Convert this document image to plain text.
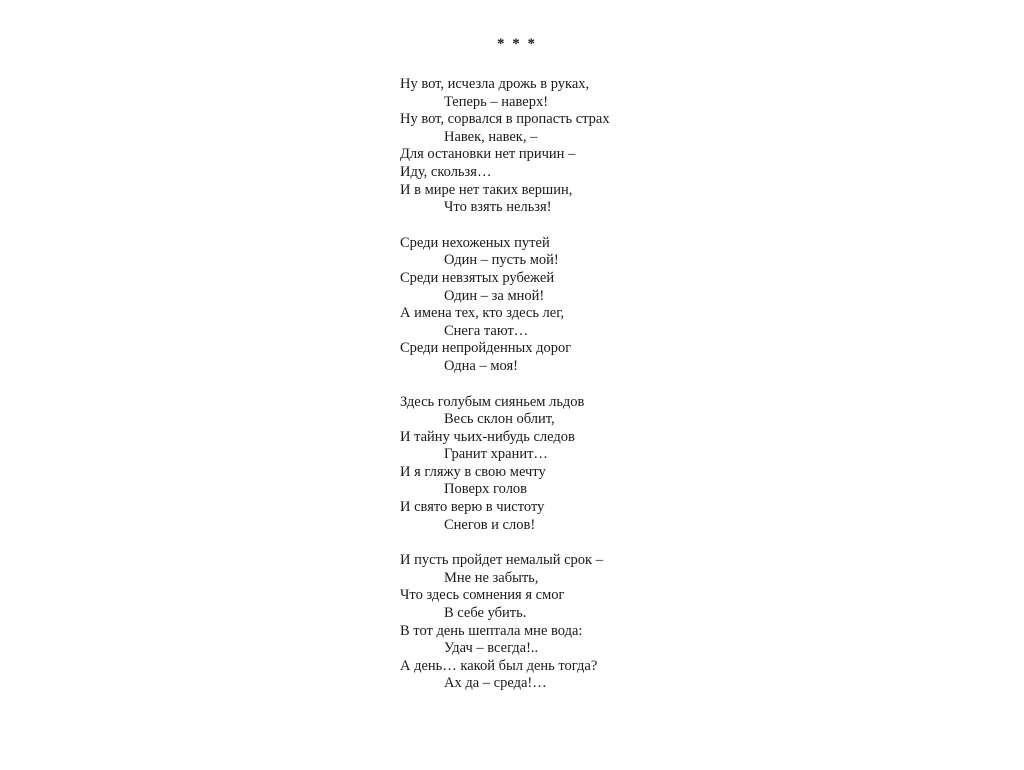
* * *
Ну вот, исчезла дрожь в руках,
Теперь – наверх!
Ну вот, сорвался в пропасть страх
Навек, навек, –
Для остановки нет причин –
Иду, скользя…
И в мире нет таких вершин,
Что взять нельзя!
Среди нехоженых путей
Один – пусть мой!
Среди невзятых рубежей
Один – за мной!
А имена тех, кто здесь лег,
Снега тают…
Среди непройденных дорог
Одна – моя!
Здесь голубым сияньем льдов
Весь склон облит,
И тайну чьих-нибудь следов
Гранит хранит…
И я гляжу в свою мечту
Поверх голов
И свято верю в чистоту
Снегов и слов!
И пусть пройдет немалый срок –
Мне не забыть,
Что здесь сомнения я смог
В себе убить.
В тот день шептала мне вода:
Удач – всегда!..
А день… какой был день тогда?
Ах да – среда!…
